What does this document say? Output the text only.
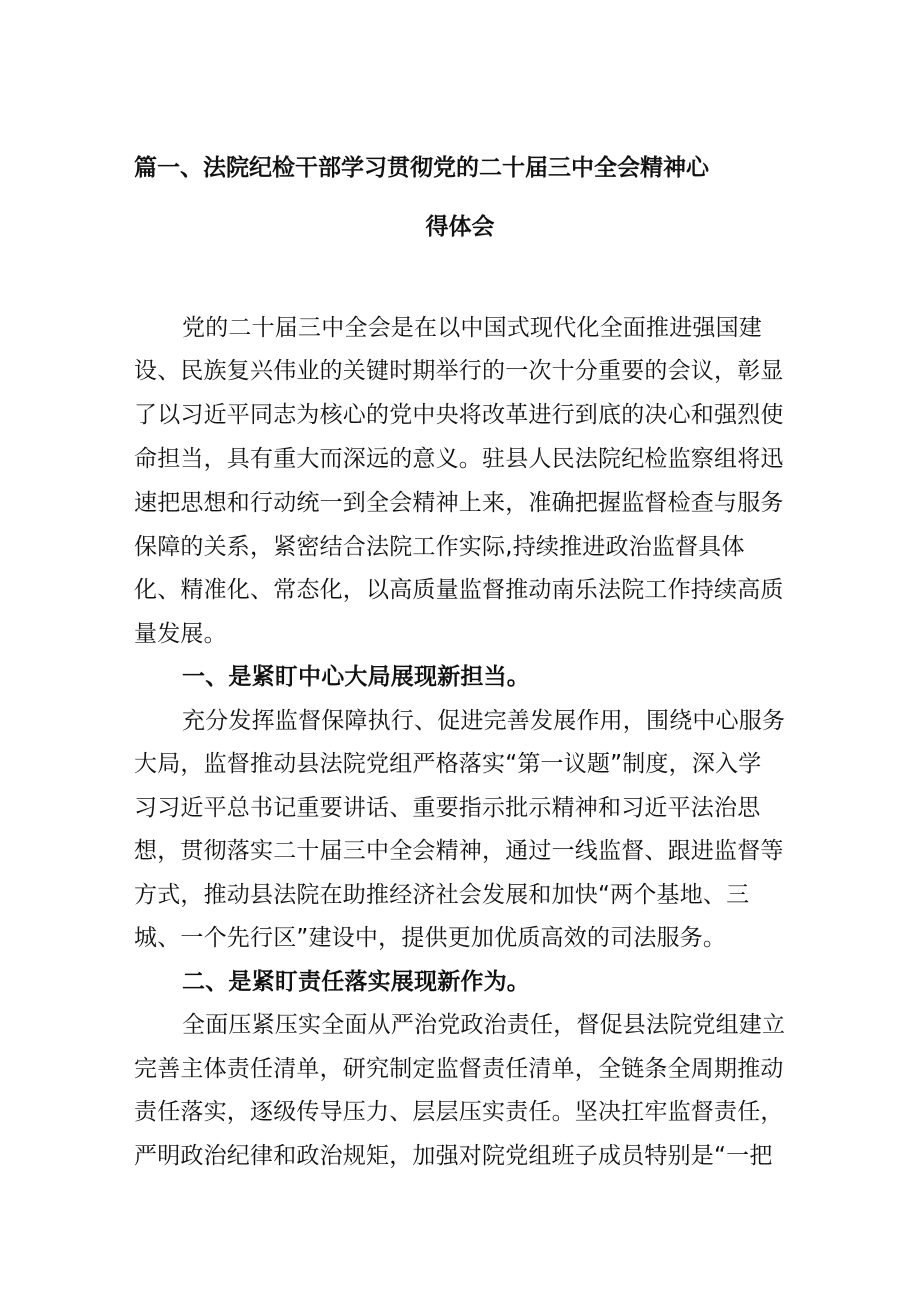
篇一、法院纪检干部学习贯彻党的二十届三中全会精神心
得体会
党的二十届三中全会是在以中国式现代化全面推进强国建
设、民族复兴伟业的关键时期举行的一次十分重要的会议，彰显
了以习近平同志为核心的党中央将改革进行到底的决心和强烈使
命担当，具有重大而深远的意义。驻县人民法院纪检监察组将迅
速把思想和行动统一到全会精神上来，准确把握监督检查与服务
保障的关系，紧密结合法院工作实际,持续推进政治监督具体
化、精准化、常态化，以高质量监督推动南乐法院工作持续高质
量发展。
一、是紧盯中心大局展现新担当。
充分发挥监督保障执行、促进完善发展作用，围绕中心服务
大局，监督推动县法院党组严格落实“第一议题”制度，深入学
习习近平总书记重要讲话、重要指示批示精神和习近平法治思
想，贯彻落实二十届三中全会精神，通过一线监督、跟进监督等
方式，推动县法院在助推经济社会发展和加快“两个基地、三
城、一个先行区”建设中，提供更加优质高效的司法服务。
二、是紧盯责任落实展现新作为。
全面压紧压实全面从严治党政治责任，督促县法院党组建立
完善主体责任清单，研究制定监督责任清单，全链条全周期推动
责任落实，逐级传导压力、层层压实责任。坚决扛牢监督责任，
严明政治纪律和政治规矩，加强对院党组班子成员特别是“一把
